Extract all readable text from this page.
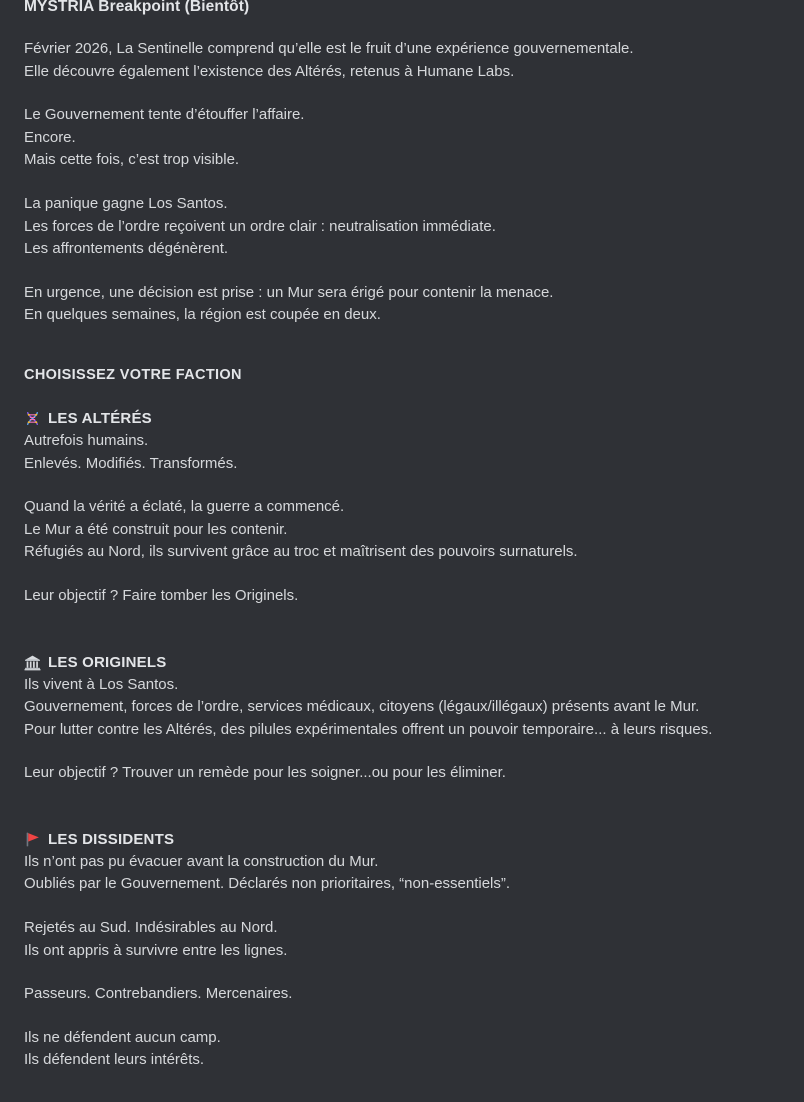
MYSTRIA Breakpoint (Bientôt)

Février 2026, La Sentinelle comprend qu’elle est le fruit d’une expérience gouvernementale.
Elle découvre également l’existence des Altérés, retenus à Humane Labs.

Le Gouvernement tente d’étouffer l’affaire.
Encore.
Mais cette fois, c’est trop visible.

La panique gagne Los Santos.
Les forces de l’ordre reçoivent un ordre clair : neutralisation immédiate.
Les affrontements dégénèrent.

En urgence, une décision est prise : un Mur sera érigé pour contenir la menace.
En quelques semaines, la région est coupée en deux.

CHOISISSEZ VOTRE FACTION
LES ALTÉRÉS

Autrefois humains.
Enlevés. Modifiés. Transformés.

Quand la vérité a éclaté, la guerre a commencé.
Le Mur a été construit pour les contenir.
Réfugiés au Nord, ils survivent grâce au troc et maîtrisent des pouvoirs surnaturels.

Leur objectif ? Faire tomber les Originels.

LES ORIGINELS

Ils vivent à Los Santos.
Gouvernement, forces de l’ordre, services médicaux, citoyens (légaux/illégaux) présents avant le Mur.
Pour lutter contre les Altérés, des pilules expérimentales offrent un pouvoir temporaire... à leurs risques.

Leur objectif ? Trouver un remède pour les soigner...ou pour les éliminer.

LES DISSIDENTS

Ils n’ont pas pu évacuer avant la construction du Mur.
Oubliés par le Gouvernement. Déclarés non prioritaires, “non-essentiels”.

Rejetés au Sud. Indésirables au Nord.
Ils ont appris à survivre entre les lignes.

Passeurs. Contrebandiers. Mercenaires.

Ils ne défendent aucun camp.
Ils défendent leurs intérêts.
